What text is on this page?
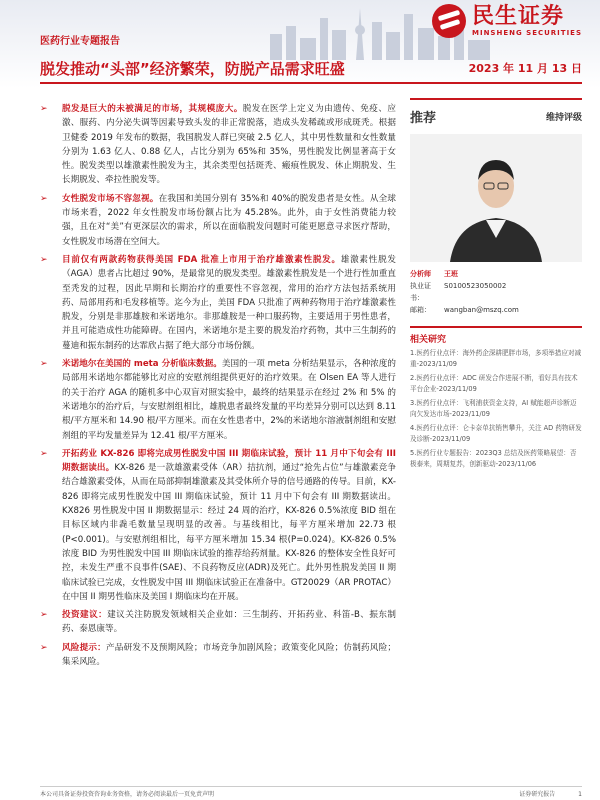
民生证券
MINSHENG SECURITIES
医药行业专题报告
脱发推动“头部”经济繁荣，防脱产品需求旺盛	2023 年 11 月 13 日

➢ 脱发是巨大的未被满足的市场，其规模庞大。脱发在医学上定义为由遗传、免疫、应激、服药、内分泌失调等因素导致头发的非正常脱落，造成头发稀疏或形成斑秃。根据卫健委 2019 年发布的数据，我国脱发人群已突破 2.5 亿人，其中男性数量和女性数量分别为 1.63 亿人、0.88 亿人，占比分别为 65%和 35%，男性脱发比例显著高于女性。脱发类型以雄激素性脱发为主，其余类型包括斑秃、瘢痕性脱发、休止期脱发、生长期脱发、牵拉性脱发等。

➢ 女性脱发市场不容忽视。在我国和美国分别有 35%和 40%的脱发患者是女性。从全球市场来看，2022 年女性脱发市场份额占比为 45.28%。此外，由于女性消费能力较强，且在对“美”有更深层次的需求，所以在面临脱发问题时可能更愿意寻求医疗帮助，女性脱发市场潜在空间大。

➢ 目前仅有两款药物获得美国 FDA 批准上市用于治疗雄激素性脱发。雄激素性脱发（AGA）患者占比超过 90%，是最常见的脱发类型。雄激素性脱发是一个进行性加重直至秃发的过程，因此早期和长期治疗的重要性不容忽视，常用的治疗方法包括系统用药、局部用药和毛发移植等。迄今为止，美国 FDA 只批准了两种药物用于治疗雄激素性脱发，分别是非那雄胺和米诺地尔。非那雄胺是一种口服药物，主要适用于男性患者，并且可能造成性功能障碍。在国内，米诺地尔是主要的脱发治疗药物，其中三生制药的蔓迪和振东制药的达霏欣占据了绝大部分市场份额。

➢ 米诺地尔在美国的 meta 分析临床数据。美国的一项 meta 分析结果显示，各种浓度的局部用米诺地尔都能够比对应的安慰剂组提供更好的治疗效果。在 Olsen EA 等人进行的关于治疗 AGA 的随机多中心双盲对照实验中，最终的结果显示在经过 2% 和 5% 的米诺地尔的治疗后，与安慰剂组相比，雄脱患者最终发量的平均差异分别可以达到 8.11 根/平方厘米和 14.90 根/平方厘米。而在女性患者中，2%的米诺地尔溶液制剂组和安慰剂组的平均发量差异为 12.41 根/平方厘米。

➢ 开拓药业 KX-826 即将完成男性脱发中国 III 期临床试验，预计 11 月中下旬会有 III 期数据读出。KX-826 是一款雄激素受体（AR）拮抗剂，通过“抢先占位”与雄激素竞争结合雄激素受体，从而在局部抑制雄激素及其受体所介导的信号通路的传导。目前，KX-826 即将完成男性脱发中国 III 期临床试验，预计 11 月中下旬会有 III 期数据读出。KX826 男性脱发中国 II 期数据显示：经过 24 周的治疗，KX-826 0.5%浓度 BID 组在目标区域内非毳毛数量呈现明显的改善。与基线相比，每平方厘米增加 22.73 根(P<0.001)。与安慰剂组相比，每平方厘米增加 15.34 根(P=0.024)。KX-826 0.5%浓度 BID 为男性脱发中国 III 期临床试验的推荐给药剂量。KX-826 的整体安全性良好可控，未发生严重不良事件(SAE)、不良药物反应(ADR)及死亡。此外男性脱发美国 II 期临床试验已完成，女性脱发中国 III 期临床试验正在准备中。GT20029（AR PROTAC）在中国 II 期男性临床及美国 I 期临床均在开展。

➢ 投资建议：建议关注防脱发领域相关企业如：三生制药、开拓药业、科笛-B、振东制药、泰恩康等。

➢ 风险提示：产品研发不及预期风险；市场竞争加剧风险；政策变化风险；仿制药风险；集采风险。

推荐	维持评级
分析师	王班
执业证书：
S0100523050002
邮箱：	wangban@mszq.com
相关研究
1.医药行业点评：海外药企深耕肥胖市场，多项举措应对减重-2023/11/09
2.医药行业点评：ADC 研发合作进展不断，看好具有技术平台企业-2023/11/09
3.医药行业点评：飞利浦获资金支持，AI 赋能超声诊断迈向欠发达市场-2023/11/09
4.医药行业点评：仑卡奈单抗销售攀升，关注 AD 药物研发及诊断-2023/11/09
5.医药行业专题报告：2023Q3 总结及医药策略展望：否极泰来，周期复苏，创新驱动-2023/11/06
本公司具备证券投资咨询业务资格，请务必阅读最后一页免责声明	证券研究报告	1
